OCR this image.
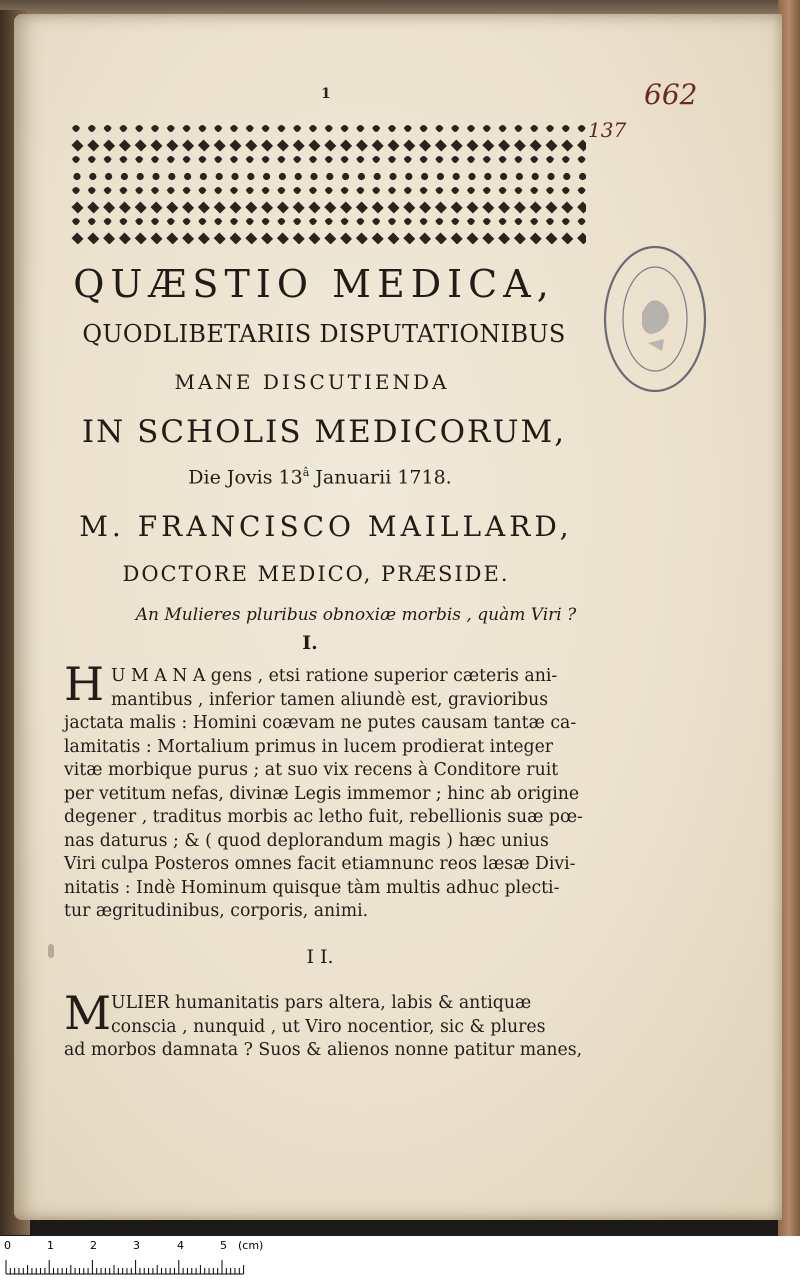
1	662
137
QUÆSTIO MEDICA,
QUODLIBETARIIS DISPUTATIONIBUS
MANE DISCUTIENDA
IN SCHOLIS MEDICORUM,
Die Jovis $13^â$ Januarii 1718.
M. FRANCISCO MAILLARD,
DOCTORE MEDICO, PRÆSIDE.
An Mulieres pluribus obnoxiæ morbis , quàm Viri ?
I.
H U M A N A gens , etsi ratione superior cæteris ani-
mantibus , inferior tamen aliundè est, gravioribus
jactata malis : Homini coævam ne putes causam tantæ ca-
lamitatis : Mortalium primus in lucem prodierat integer
vitæ morbique purus ; at suo vix recens à Conditore ruit
per vetitum nefas, divinæ Legis immemor ; hinc ab origine
degener , traditus morbis ac letho fuit, rebellionis suæ pœ-
nas daturus ; & ( quod deplorandum magis ) hæc unius
Viri culpa Posteros omnes facit etiamnunc reos læsæ Divi-
nitatis : Indè Hominum quisque tàm multis adhuc plecti-
tur ægritudinibus, corporis, animi.
I I.
M ULIER humanitatis pars altera, labis & antiquæ
conscia , nunquid , ut Viro nocentior, sic & plures
ad morbos damnata ? Suos & alienos nonne patitur manes,
0	1	2	3	4	5 (cm)
